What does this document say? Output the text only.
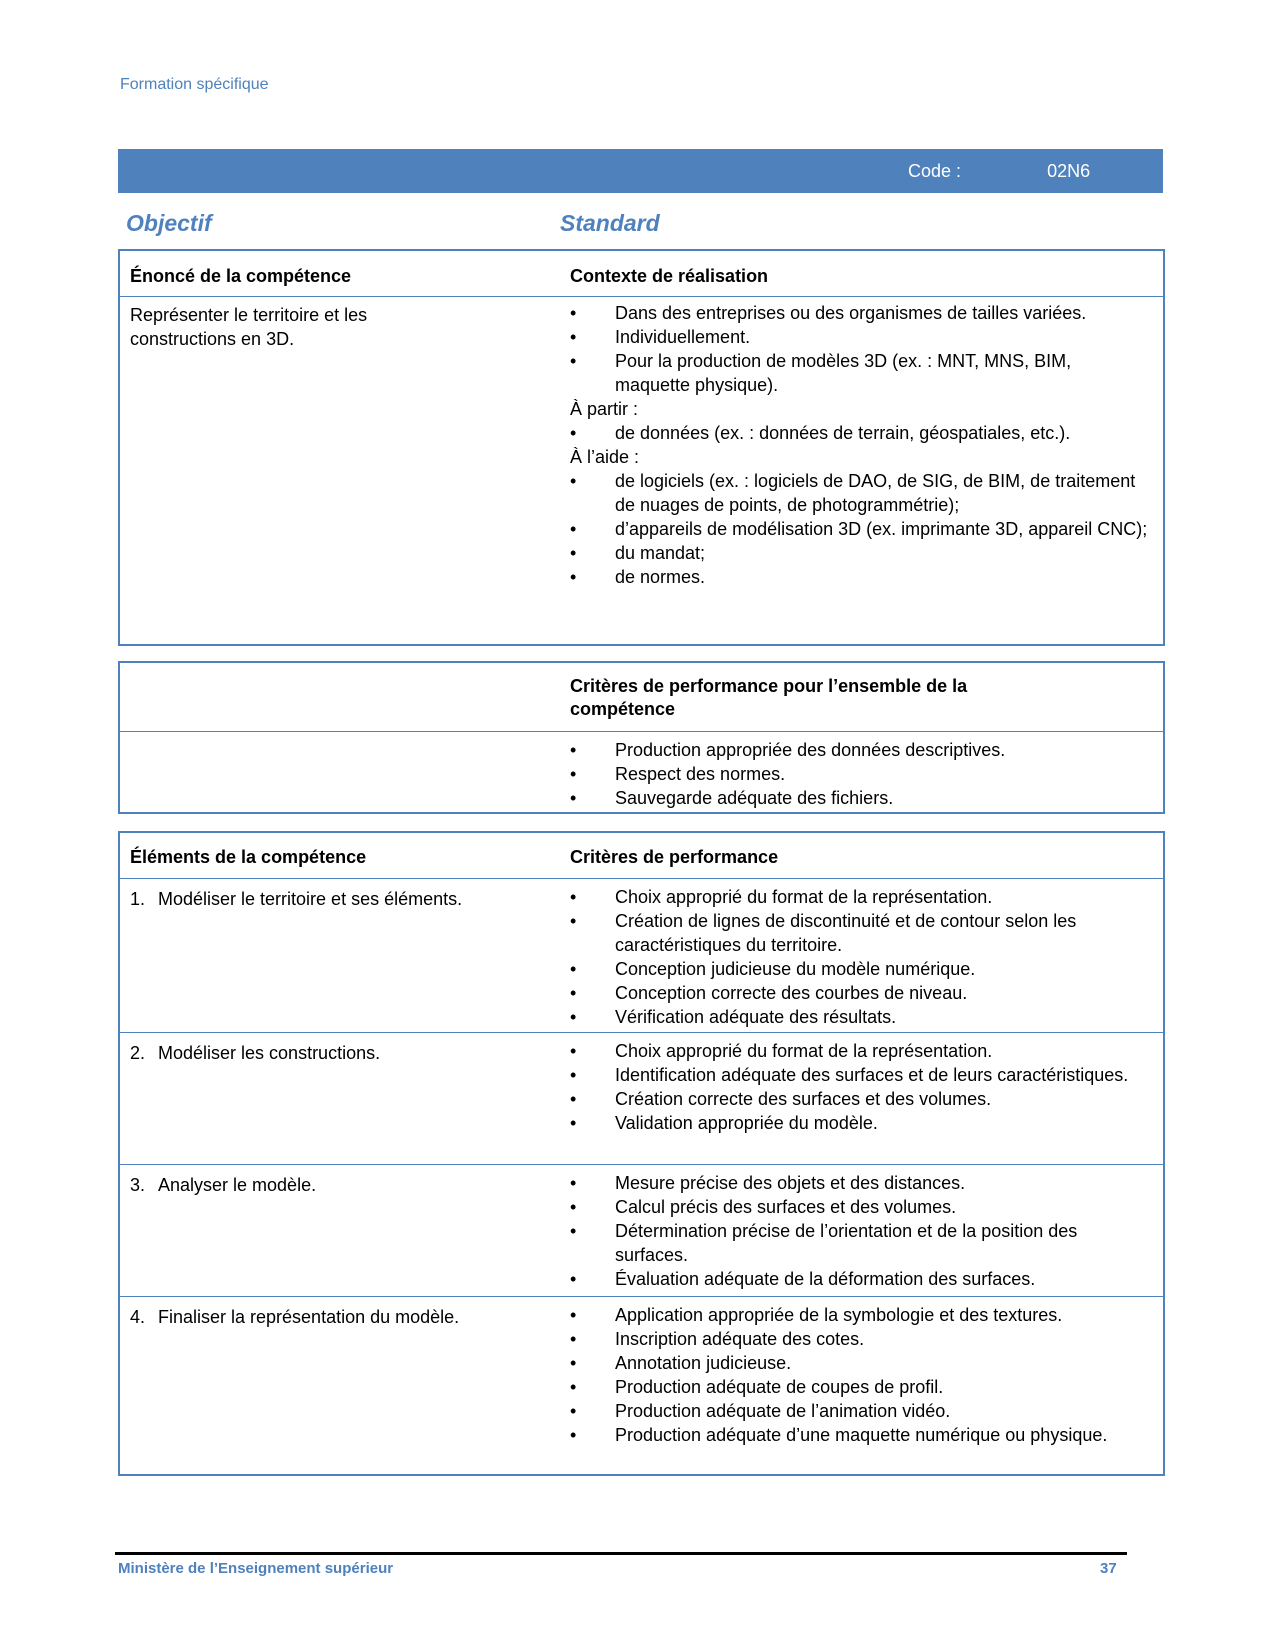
Formation spécifique
Code :	02N6
Objectif	Standard
Énoncé de la compétence	Contexte de réalisation
Représenter le territoire et les
constructions en 3D.
• Dans des entreprises ou des organismes de tailles variées.
• Individuellement.
• Pour la production de modèles 3D (ex. : MNT, MNS, BIM, maquette physique).
À partir :
• de données (ex. : données de terrain, géospatiales, etc.).
À l’aide :
• de logiciels (ex. : logiciels de DAO, de SIG, de BIM, de traitement de nuages de points, de photogrammétrie);
• d’appareils de modélisation 3D (ex. imprimante 3D, appareil CNC);
• du mandat;
• de normes.
Critères de performance pour l’ensemble de la compétence
• Production appropriée des données descriptives.
• Respect des normes.
• Sauvegarde adéquate des fichiers.
Éléments de la compétence	Critères de performance
1. Modéliser le territoire et ses éléments.	• Choix approprié du format de la représentation.
• Création de lignes de discontinuité et de contour selon les caractéristiques du territoire.
• Conception judicieuse du modèle numérique.
• Conception correcte des courbes de niveau.
• Vérification adéquate des résultats.
2. Modéliser les constructions.	• Choix approprié du format de la représentation.
• Identification adéquate des surfaces et de leurs caractéristiques.
• Création correcte des surfaces et des volumes.
• Validation appropriée du modèle.
3. Analyser le modèle.	• Mesure précise des objets et des distances.
• Calcul précis des surfaces et des volumes.
• Détermination précise de l’orientation et de la position des surfaces.
• Évaluation adéquate de la déformation des surfaces.
4. Finaliser la représentation du modèle.	• Application appropriée de la symbologie et des textures.
• Inscription adéquate des cotes.
• Annotation judicieuse.
• Production adéquate de coupes de profil.
• Production adéquate de l’animation vidéo.
• Production adéquate d’une maquette numérique ou physique.
Ministère de l’Enseignement supérieur	37
